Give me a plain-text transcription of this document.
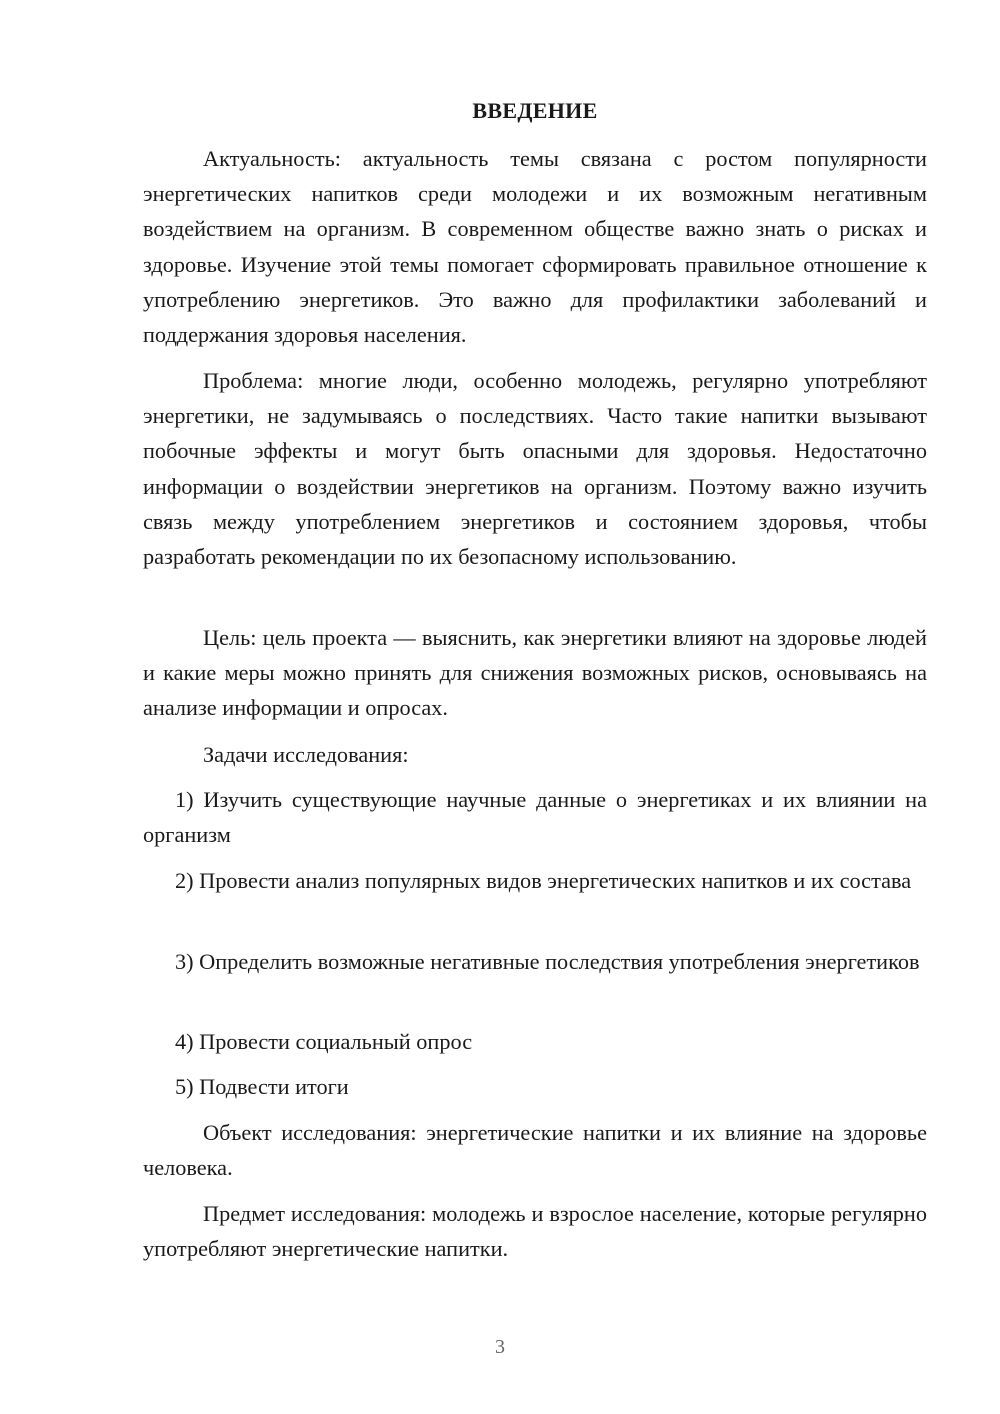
ВВЕДЕНИЕ

Актуальность: актуальность темы связана с ростом популярности энергетических напитков среди молодежи и их возможным негативным воздействием на организм. В современном обществе важно знать о рисках и здоровье. Изучение этой темы помогает сформировать правильное отношение к употреблению энергетиков. Это важно для профилактики заболеваний и поддержания здоровья населения.

Проблема: многие люди, особенно молодежь, регулярно употребляют энергетики, не задумываясь о последствиях. Часто такие напитки вызывают побочные эффекты и могут быть опасными для здоровья. Недостаточно информации о воздействии энергетиков на организм. Поэтому важно изучить связь между употреблением энергетиков и состоянием здоровья, чтобы разработать рекомендации по их безопасному использованию.

Цель: цель проекта — выяснить, как энергетики влияют на здоровье людей и какие меры можно принять для снижения возможных рисков, основываясь на анализе информации и опросах.

Задачи исследования:

1) Изучить существующие научные данные о энергетиках и их влиянии на организм

2) Провести анализ популярных видов энергетических напитков и их состава

3) Определить возможные негативные последствия употребления энергетиков

4) Провести социальный опрос

5) Подвести итоги

Объект исследования: энергетические напитки и их влияние на здоровье человека.

Предмет исследования: молодежь и взрослое население, которые регулярно употребляют энергетические напитки.

3
